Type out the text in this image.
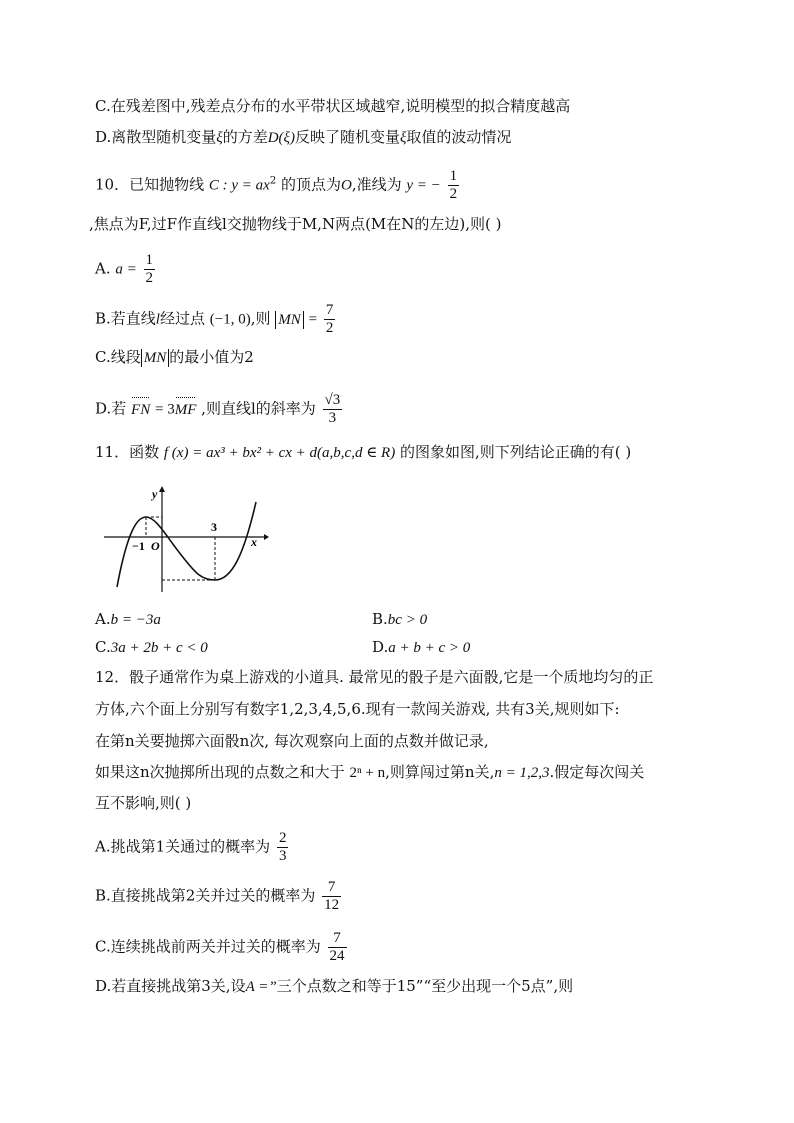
C.在残差图中,残差点分布的水平带状区域越窄,说明模型的拟合精度越高
D.离散型随机变量ξ的方差D(ξ)反映了随机变量ξ取值的波动情况
10．已知抛物线 C : $y = ax^2$ 的顶点为O,准线为 y = − $\frac{1}{2}$
,焦点为F,过F作直线l交抛物线于M,N两点(M在N的左边),则( )
A. $a = \frac{1}{2}$
B.若直线l经过点 (−1, 0),则 MN = $\frac{7}{2}$
C.线段 MN 的最小值为2
D.若 FN = 3MF ,则直线l的斜率为 $\frac{√3}{3}$
11．函数 f (x) = ax³ + bx² + cx + d(a,b,c,d ∈ R) 的图象如图,则下列结论正确的有( )
y
x
O
−1
3
A.b = −3a	B.bc > 0
C.3a + 2b + c < 0	D.a + b + c > 0
12．骰子通常作为桌上游戏的小道具. 最常见的骰子是六面骰,它是一个质地均匀的正
方体,六个面上分别写有数字1,2,3,4,5,6.现有一款闯关游戏, 共有3关,规则如下:
在第n关要抛掷六面骰n次, 每次观察向上面的点数并做记录,
如果这n次抛掷所出现的点数之和大于 2ⁿ + n,则算闯过第n关,n = 1,2,3.假定每次闯关
互不影响,则( )
A.挑战第1关通过的概率为 $\frac{2}{3}$
B.直接挑战第2关并过关的概率为 $\frac{7}{12}$
C.连续挑战前两关并过关的概率为 $\frac{7}{24}$
D.若直接挑战第3关,设A =”三个点数之和等于15”“至少出现一个5点”,则
